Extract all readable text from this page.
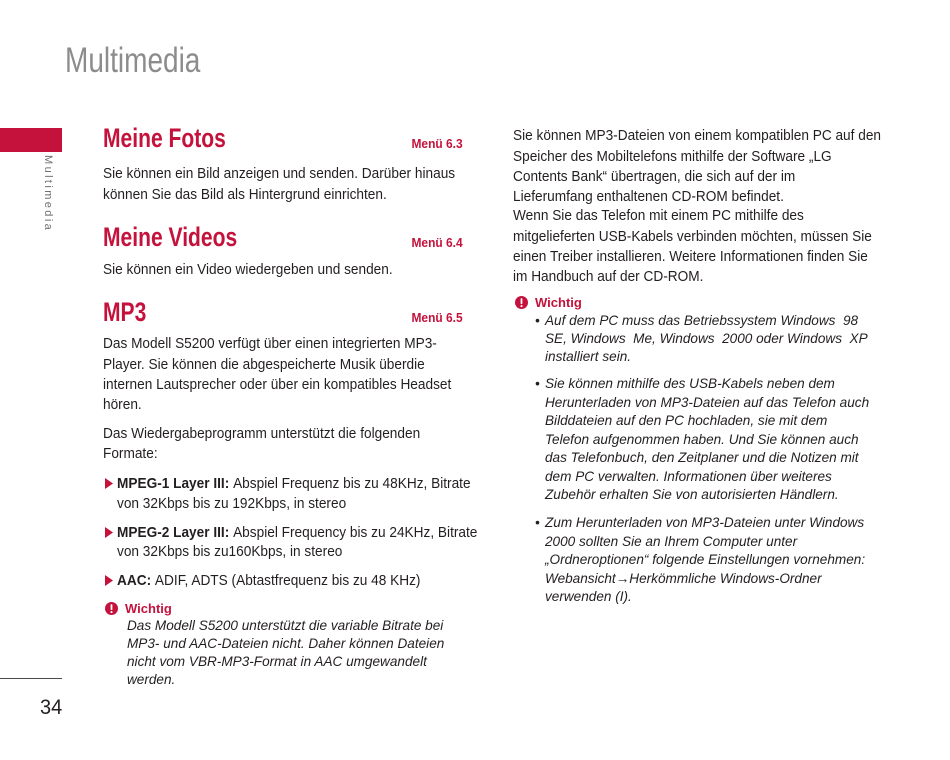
Multimedia
Multimedia
34
Meine Fotos	Menü 6.3
Sie können ein Bild anzeigen und senden. Darüber hinaus
können Sie das Bild als Hintergrund einrichten.
Meine Videos	Menü 6.4
Sie können ein Video wiedergeben und senden.
MP3	Menü 6.5
Das Modell S5200 verfügt über einen integrierten MP3-
Player. Sie können die abgespeicherte Musik überdie
internen Lautsprecher oder über ein kompatibles Headset
hören.
Das Wiedergabeprogramm unterstützt die folgenden
Formate:
MPEG-1 Layer III: Abspiel Frequenz bis zu 48KHz, Bitrate
von 32Kbps bis zu 192Kbps, in stereo
MPEG-2 Layer III: Abspiel Frequency bis zu 24KHz, Bitrate
von 32Kbps bis zu160Kbps, in stereo
AAC: ADIF, ADTS (Abtastfrequenz bis zu 48 KHz)
Wichtig
Das Modell S5200 unterstützt die variable Bitrate bei
MP3- und AAC-Dateien nicht. Daher können Dateien
nicht vom VBR-MP3-Format in AAC umgewandelt
werden.
Sie können MP3-Dateien von einem kompatiblen PC auf den
Speicher des Mobiltelefons mithilfe der Software „LG
Contents Bank“ übertragen, die sich auf der im
Lieferumfang enthaltenen CD-ROM befindet.
Wenn Sie das Telefon mit einem PC mithilfe des
mitgelieferten USB-Kabels verbinden möchten, müssen Sie
einen Treiber installieren. Weitere Informationen finden Sie
im Handbuch auf der CD-ROM.
Wichtig
• Auf dem PC muss das Betriebssystem Windows  98
SE, Windows  Me, Windows  2000 oder Windows  XP
installiert sein.
• Sie können mithilfe des USB-Kabels neben dem
Herunterladen von MP3-Dateien auf das Telefon auch
Bilddateien auf den PC hochladen, sie mit dem
Telefon aufgenommen haben. Und Sie können auch
das Telefonbuch, den Zeitplaner und die Notizen mit
dem PC verwalten. Informationen über weiteres
Zubehör erhalten Sie von autorisierten Händlern.
• Zum Herunterladen von MP3-Dateien unter Windows
2000 sollten Sie an Ihrem Computer unter
„Ordneroptionen“ folgende Einstellungen vornehmen:
Webansicht→Herkömmliche Windows-Ordner
verwenden (I).
